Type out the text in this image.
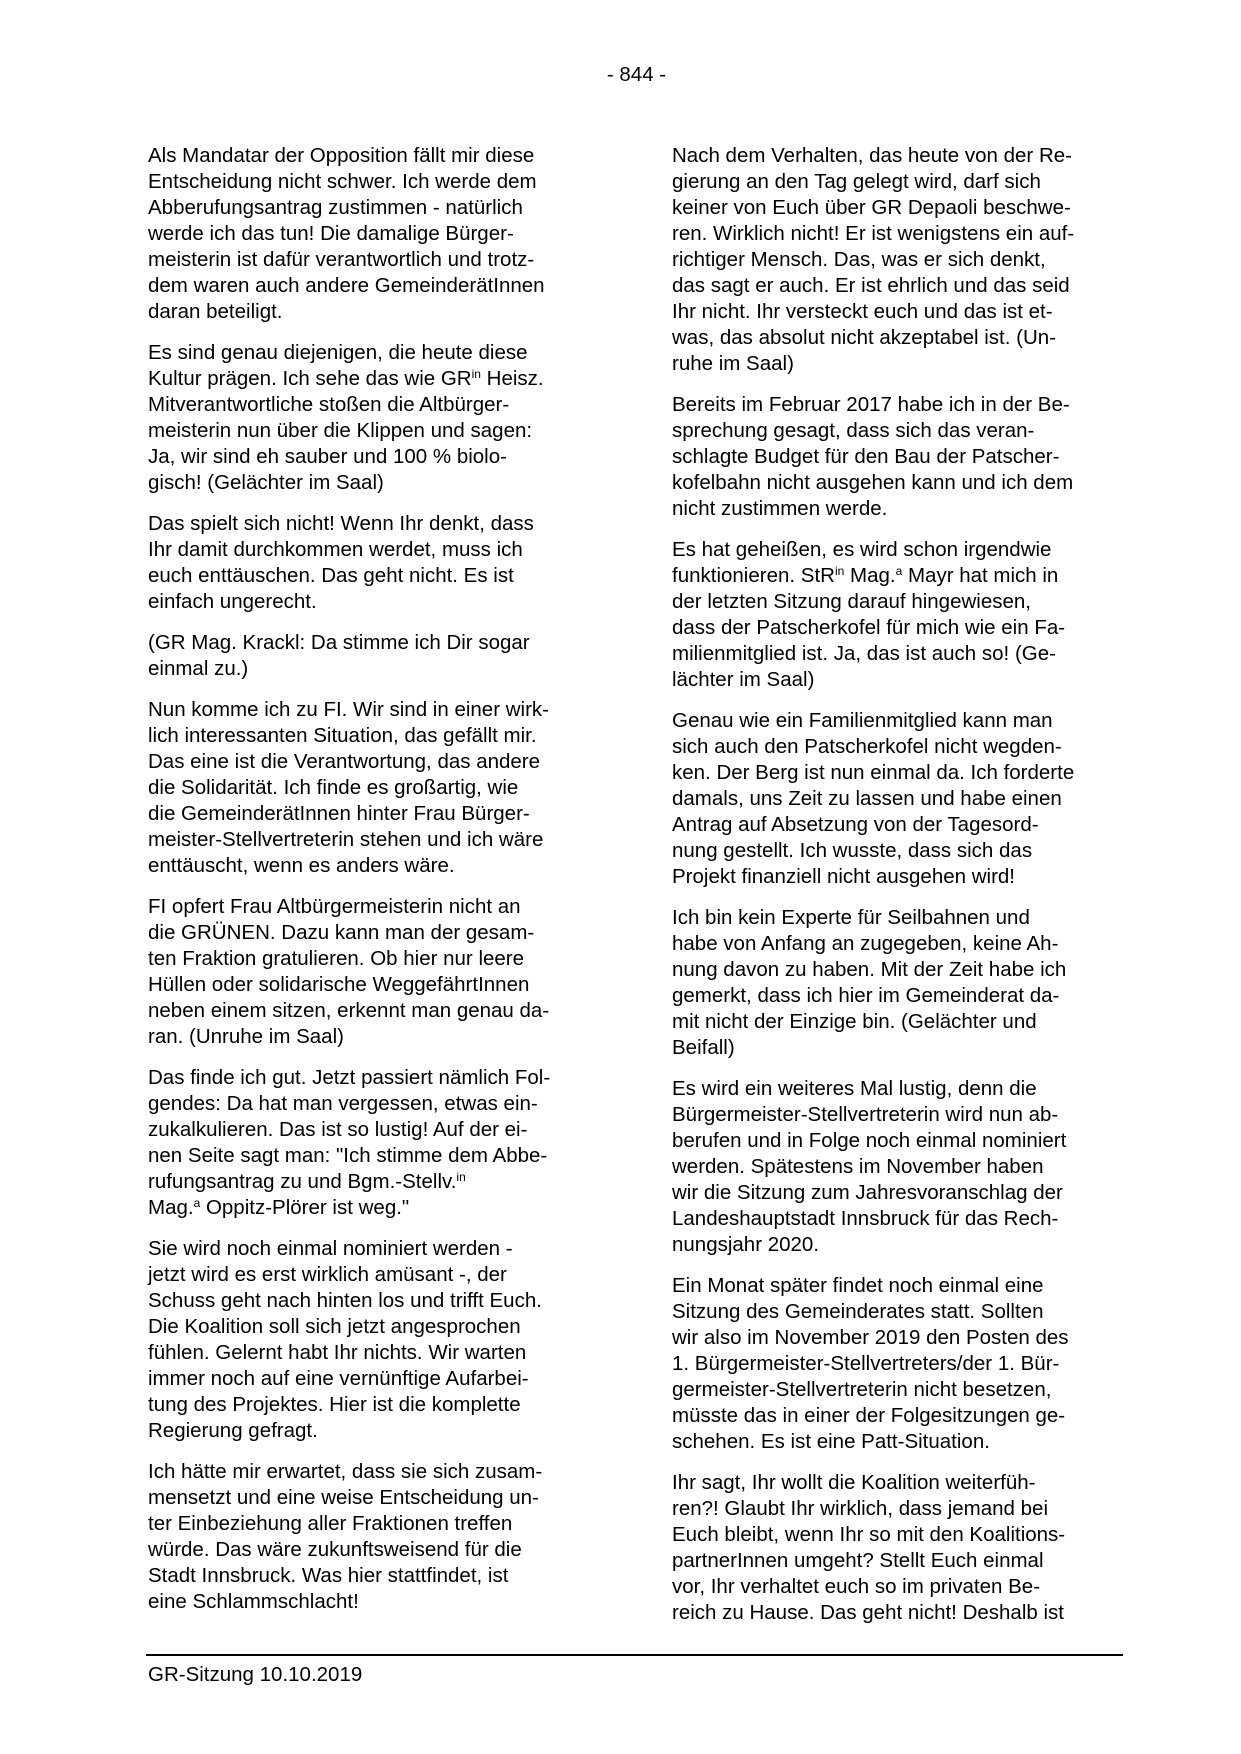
- 844 -

Als Mandatar der Opposition fällt mir diese
Entscheidung nicht schwer. Ich werde dem
Abberufungsantrag zustimmen - natürlich
werde ich das tun! Die damalige Bürger-
meisterin ist dafür verantwortlich und trotz-
dem waren auch andere GemeinderätInnen
daran beteiligt.

Es sind genau diejenigen, die heute diese
Kultur prägen. Ich sehe das wie $GR^{in}$ Heisz.
Mitverantwortliche stoßen die Altbürger-
meisterin nun über die Klippen und sagen:
Ja, wir sind eh sauber und 100 % biolo-
gisch! (Gelächter im Saal)

Das spielt sich nicht! Wenn Ihr denkt, dass
Ihr damit durchkommen werdet, muss ich
euch enttäuschen. Das geht nicht. Es ist
einfach ungerecht.

(GR Mag. Krackl: Da stimme ich Dir sogar
einmal zu.)

Nun komme ich zu FI. Wir sind in einer wirk-
lich interessanten Situation, das gefällt mir.
Das eine ist die Verantwortung, das andere
die Solidarität. Ich finde es großartig, wie
die GemeinderätInnen hinter Frau Bürger-
meister-Stellvertreterin stehen und ich wäre
enttäuscht, wenn es anders wäre.

FI opfert Frau Altbürgermeisterin nicht an
die GRÜNEN. Dazu kann man der gesam-
ten Fraktion gratulieren. Ob hier nur leere
Hüllen oder solidarische WeggefährtInnen
neben einem sitzen, erkennt man genau da-
ran. (Unruhe im Saal)

Das finde ich gut. Jetzt passiert nämlich Fol-
gendes: Da hat man vergessen, etwas ein-
zukalkulieren. Das ist so lustig! Auf der ei-
nen Seite sagt man: "Ich stimme dem Abbe-
rufungsantrag zu und Bgm.-Stellv.$^{in}$
Mag.$^a$ Oppitz-Plörer ist weg."

Sie wird noch einmal nominiert werden -
jetzt wird es erst wirklich amüsant -, der
Schuss geht nach hinten los und trifft Euch.
Die Koalition soll sich jetzt angesprochen
fühlen. Gelernt habt Ihr nichts. Wir warten
immer noch auf eine vernünftige Aufarbei-
tung des Projektes. Hier ist die komplette
Regierung gefragt.

Ich hätte mir erwartet, dass sie sich zusam-
mensetzt und eine weise Entscheidung un-
ter Einbeziehung aller Fraktionen treffen
würde. Das wäre zukunftsweisend für die
Stadt Innsbruck. Was hier stattfindet, ist
eine Schlammschlacht!

Nach dem Verhalten, das heute von der Re-
gierung an den Tag gelegt wird, darf sich
keiner von Euch über GR Depaoli beschwe-
ren. Wirklich nicht! Er ist wenigstens ein auf-
richtiger Mensch. Das, was er sich denkt,
das sagt er auch. Er ist ehrlich und das seid
Ihr nicht. Ihr versteckt euch und das ist et-
was, das absolut nicht akzeptabel ist. (Un-
ruhe im Saal)

Bereits im Februar 2017 habe ich in der Be-
sprechung gesagt, dass sich das veran-
schlagte Budget für den Bau der Patscher-
kofelbahn nicht ausgehen kann und ich dem
nicht zustimmen werde.

Es hat geheißen, es wird schon irgendwie
funktionieren. StR$^{in}$ Mag.$^a$ Mayr hat mich in
der letzten Sitzung darauf hingewiesen,
dass der Patscherkofel für mich wie ein Fa-
milienmitglied ist. Ja, das ist auch so! (Ge-
lächter im Saal)

Genau wie ein Familienmitglied kann man
sich auch den Patscherkofel nicht wegden-
ken. Der Berg ist nun einmal da. Ich forderte
damals, uns Zeit zu lassen und habe einen
Antrag auf Absetzung von der Tagesord-
nung gestellt. Ich wusste, dass sich das
Projekt finanziell nicht ausgehen wird!

Ich bin kein Experte für Seilbahnen und
habe von Anfang an zugegeben, keine Ah-
nung davon zu haben. Mit der Zeit habe ich
gemerkt, dass ich hier im Gemeinderat da-
mit nicht der Einzige bin. (Gelächter und
Beifall)

Es wird ein weiteres Mal lustig, denn die
Bürgermeister-Stellvertreterin wird nun ab-
berufen und in Folge noch einmal nominiert
werden. Spätestens im November haben
wir die Sitzung zum Jahresvoranschlag der
Landeshauptstadt Innsbruck für das Rech-
nungsjahr 2020.

Ein Monat später findet noch einmal eine
Sitzung des Gemeinderates statt. Sollten
wir also im November 2019 den Posten des
1. Bürgermeister-Stellvertreters/der 1. Bür-
germeister-Stellvertreterin nicht besetzen,
müsste das in einer der Folgesitzungen ge-
schehen. Es ist eine Patt-Situation.

Ihr sagt, Ihr wollt die Koalition weiterfüh-
ren?! Glaubt Ihr wirklich, dass jemand bei
Euch bleibt, wenn Ihr so mit den Koalitions-
partnerInnen umgeht? Stellt Euch einmal
vor, Ihr verhaltet euch so im privaten Be-
reich zu Hause. Das geht nicht! Deshalb ist

GR-Sitzung 10.10.2019
